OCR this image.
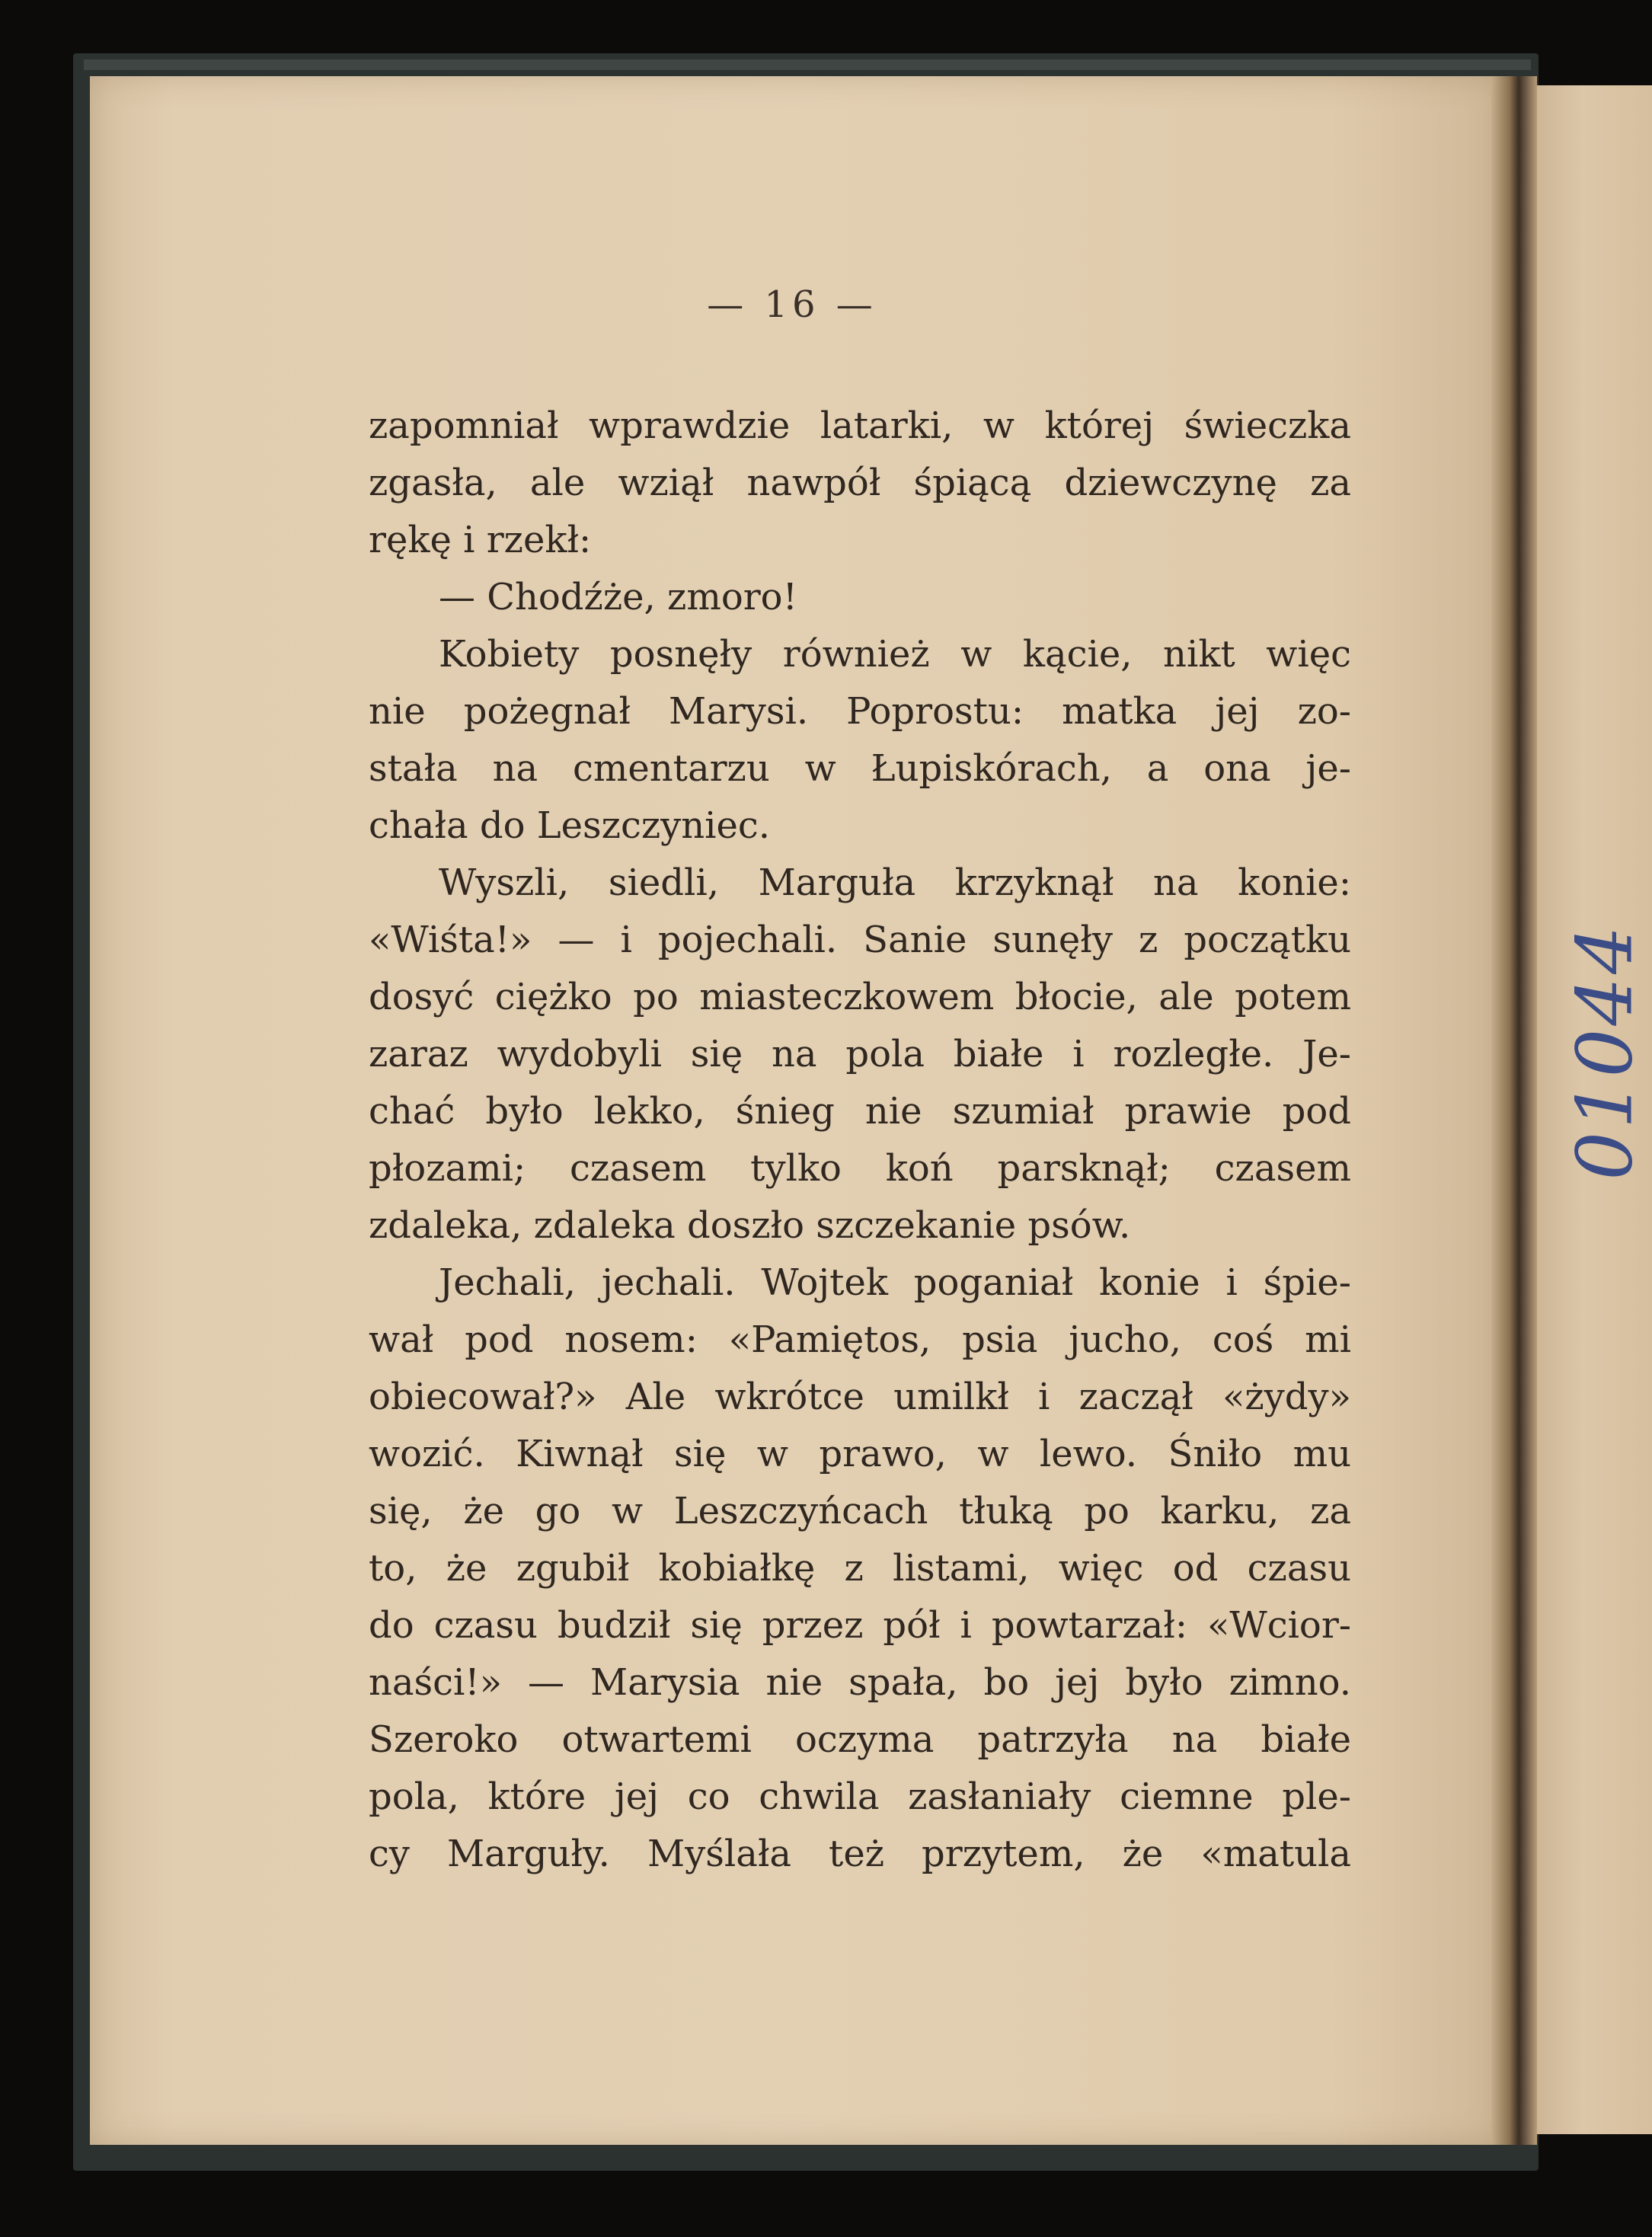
01044
— 16 —
zapomniał wprawdzie latarki, w której świeczka
zgasła, ale wziął nawpół śpiącą dziewczynę za
rękę i rzekł:
— Chodźże, zmoro!
Kobiety posnęły również w kącie, nikt więc
nie pożegnał Marysi. Poprostu: matka jej zo-
stała na cmentarzu w Łupiskórach, a ona je-
chała do Leszczyniec.
Wyszli, siedli, Marguła krzyknął na konie:
«Wiśta!» — i pojechali. Sanie sunęły z początku
dosyć ciężko po miasteczkowem błocie, ale potem
zaraz wydobyli się na pola białe i rozległe. Je-
chać było lekko, śnieg nie szumiał prawie pod
płozami; czasem tylko koń parsknął; czasem
zdaleka, zdaleka doszło szczekanie psów.
Jechali, jechali. Wojtek poganiał konie i śpie-
wał pod nosem: «Pamiętos, psia jucho, coś mi
obiecował?» Ale wkrótce umilkł i zaczął «żydy»
wozić. Kiwnął się w prawo, w lewo. Śniło mu
się, że go w Leszczyńcach tłuką po karku, za
to, że zgubił kobiałkę z listami, więc od czasu
do czasu budził się przez pół i powtarzał: «Wcior-
naści!» — Marysia nie spała, bo jej było zimno.
Szeroko otwartemi oczyma patrzyła na białe
pola, które jej co chwila zasłaniały ciemne ple-
cy Marguły. Myślała też przytem, że «matula
